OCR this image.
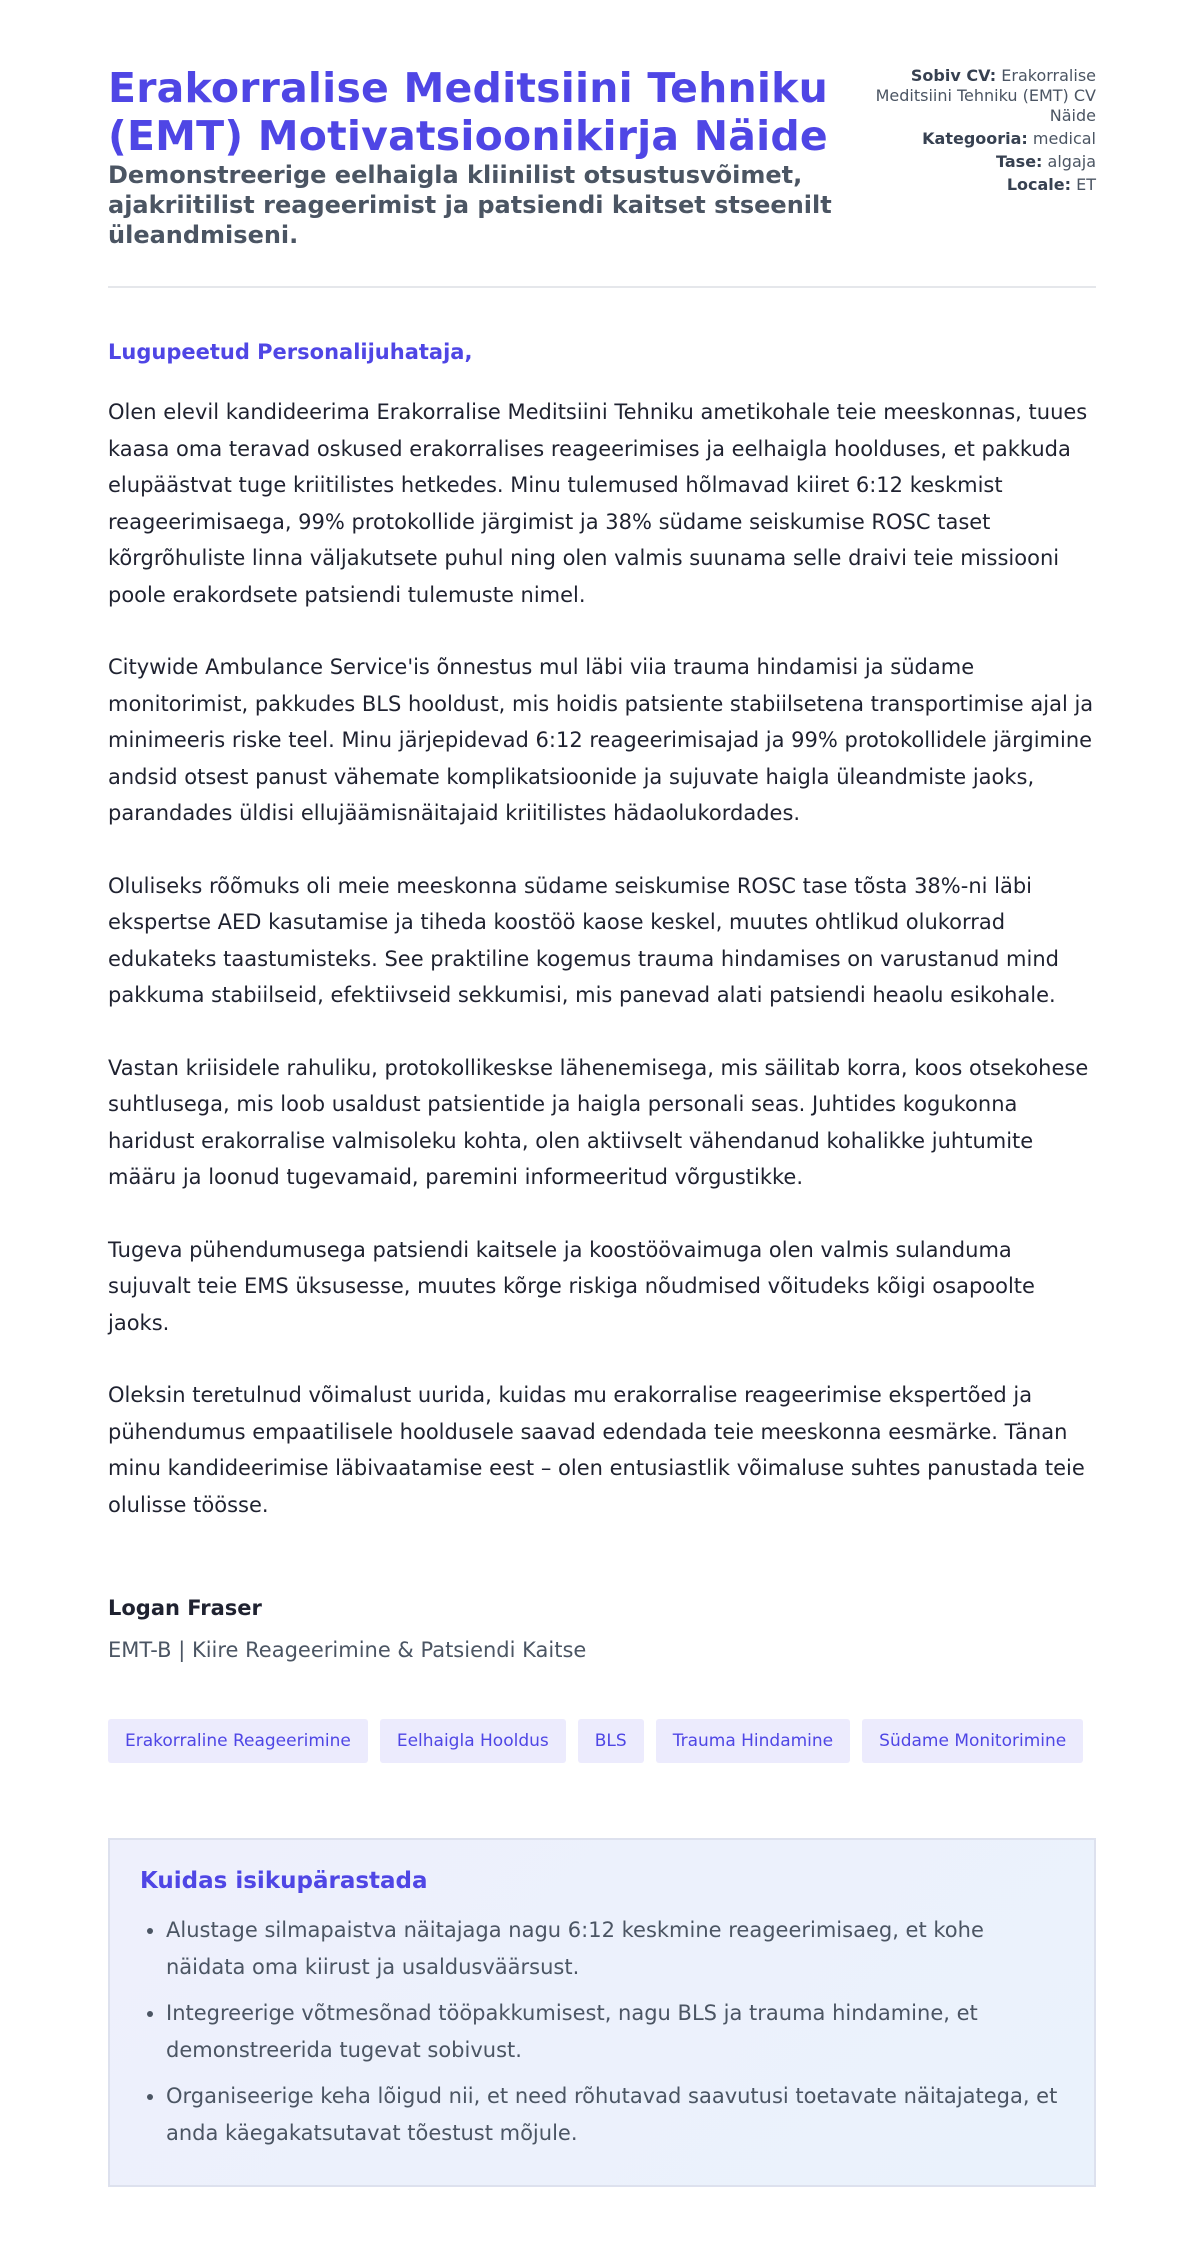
Erakorralise Meditsiini Tehniku (EMT) Motivatsioonikirja Näide

Demonstreerige eelhaigla kliinilist otsustusvõimet, ajakriitilist reageerimist ja patsiendi kaitset stseenilt üleandmiseni.

Sobiv CV: Erakorralise Meditsiini Tehniku (EMT) CV Näide
Kategooria: medical
Tase: algaja
Locale: ET

Lugupeetud Personalijuhataja,

Olen elevil kandideerima Erakorralise Meditsiini Tehniku ametikohale teie meeskonnas, tuues kaasa oma teravad oskused erakorralises reageerimises ja eelhaigla hoolduses, et pakkuda elupäästvat tuge kriitilistes hetkedes. Minu tulemused hõlmavad kiiret 6:12 keskmist reageerimisaega, 99% protokollide järgimist ja 38% südame seiskumise ROSC taset kõrgrõhuliste linna väljakutsete puhul ning olen valmis suunama selle draivi teie missiooni poole erakordsete patsiendi tulemuste nimel.

Citywide Ambulance Service'is õnnestus mul läbi viia trauma hindamisi ja südame monitorimist, pakkudes BLS hooldust, mis hoidis patsiente stabiilsetena transportimise ajal ja minimeeris riske teel. Minu järjepidevad 6:12 reageerimisajad ja 99% protokollidele järgimine andsid otsest panust vähemate komplikatsioonide ja sujuvate haigla üleandmiste jaoks, parandades üldisi ellujäämisnäitajaid kriitilistes hädaolukordades.

Oluliseks rõõmuks oli meie meeskonna südame seiskumise ROSC tase tõsta 38%-ni läbi ekspertse AED kasutamise ja tiheda koostöö kaose keskel, muutes ohtlikud olukorrad edukateks taastumisteks. See praktiline kogemus trauma hindamises on varustanud mind pakkuma stabiilseid, efektiivseid sekkumisi, mis panevad alati patsiendi heaolu esikohale.

Vastan kriisidele rahuliku, protokollikeskse lähenemisega, mis säilitab korra, koos otsekohese suhtlusega, mis loob usaldust patsientide ja haigla personali seas. Juhtides kogukonna haridust erakorralise valmisoleku kohta, olen aktiivselt vähendanud kohalikke juhtumite määru ja loonud tugevamaid, paremini informeeritud võrgustikke.

Tugeva pühendumusega patsiendi kaitsele ja koostöövaimuga olen valmis sulanduma sujuvalt teie EMS üksusesse, muutes kõrge riskiga nõudmised võitudeks kõigi osapoolte jaoks.

Oleksin teretulnud võimalust uurida, kuidas mu erakorralise reageerimise ekspertõed ja pühendumus empaatilisele hooldusele saavad edendada teie meeskonna eesmärke. Tänan minu kandideerimise läbivaatamise eest – olen entusiastlik võimaluse suhtes panustada teie olulisse töösse.

Logan Fraser
EMT-B | Kiire Reageerimine & Patsiendi Kaitse
Erakorraline Reageerimine	Eelhaigla Hooldus	BLS	Trauma Hindamine	Südame Monitorimine
Kuidas isikupärastada
• Alustage silmapaistva näitajaga nagu 6:12 keskmine reageerimisaeg, et kohe näidata oma kiirust ja usaldusväärsust.
• Integreerige võtmesõnad tööpakkumisest, nagu BLS ja trauma hindamine, et demonstreerida tugevat sobivust.
• Organiseerige keha lõigud nii, et need rõhutavad saavutusi toetavate näitajatega, et anda käegakatsutavat tõestust mõjule.
